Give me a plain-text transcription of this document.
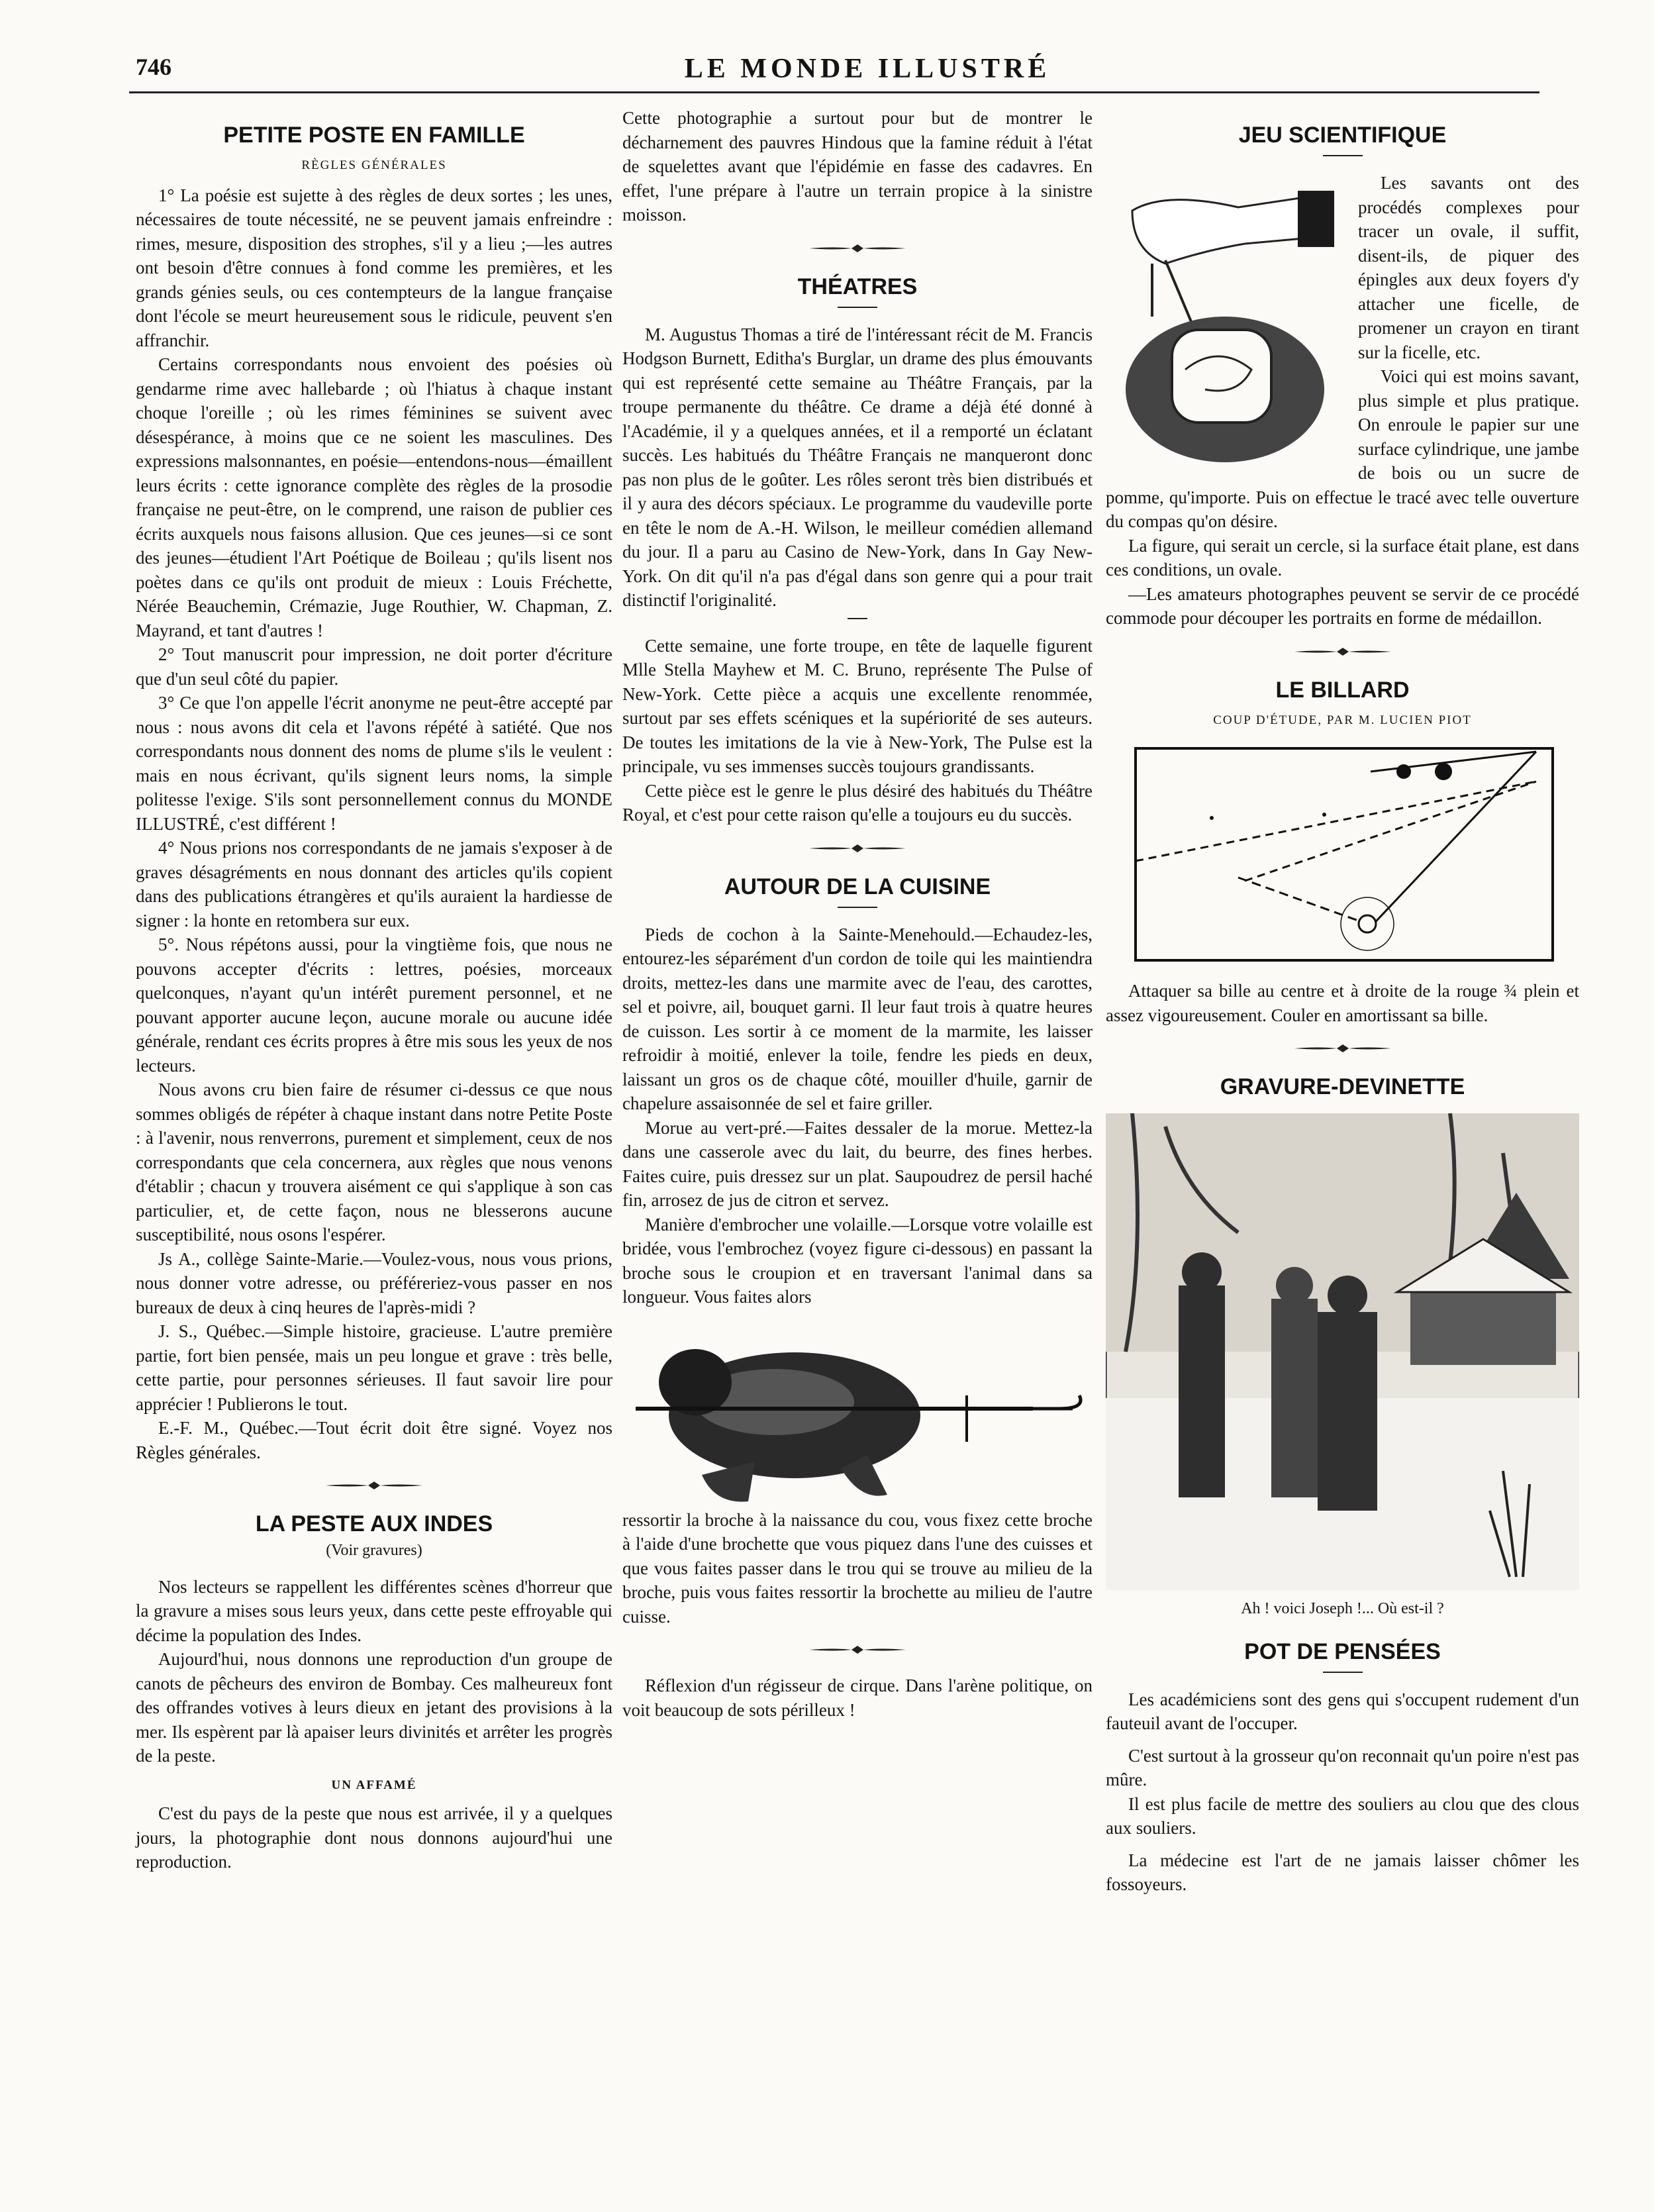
746	LE MONDE ILLUSTRÉ
PETITE POSTE EN FAMILLE
RÈGLES GÉNÉRALES

1° La poésie est sujette à des règles de deux sortes ; les unes, nécessaires de toute nécessité, ne se peuvent jamais enfreindre : rimes, mesure, disposition des strophes, s'il y a lieu ;—les autres ont besoin d'être connues à fond comme les premières, et les grands génies seuls, ou ces contempteurs de la langue française dont l'école se meurt heureusement sous le ridicule, peuvent s'en affranchir.

Certains correspondants nous envoient des poésies où gendarme rime avec hallebarde ; où l'hiatus à chaque instant choque l'oreille ; où les rimes féminines se suivent avec désespérance, à moins que ce ne soient les masculines. Des expressions malsonnantes, en poésie—entendons-nous—émaillent leurs écrits : cette ignorance complète des règles de la prosodie française ne peut-être, on le comprend, une raison de publier ces écrits auxquels nous faisons allusion. Que ces jeunes—si ce sont des jeunes—étudient l'Art Poétique de Boileau ; qu'ils lisent nos poètes dans ce qu'ils ont produit de mieux : Louis Fréchette, Nérée Beauchemin, Crémazie, Juge Routhier, W. Chapman, Z. Mayrand, et tant d'autres !

2° Tout manuscrit pour impression, ne doit porter d'écriture que d'un seul côté du papier.

3° Ce que l'on appelle l'écrit anonyme ne peut-être accepté par nous : nous avons dit cela et l'avons répété à satiété. Que nos correspondants nous donnent des noms de plume s'ils le veulent : mais en nous écrivant, qu'ils signent leurs noms, la simple politesse l'exige. S'ils sont personnellement connus du MONDE ILLUSTRÉ, c'est différent !

4° Nous prions nos correspondants de ne jamais s'exposer à de graves désagréments en nous donnant des articles qu'ils copient dans des publications étrangères et qu'ils auraient la hardiesse de signer : la honte en retombera sur eux.

5°. Nous répétons aussi, pour la vingtième fois, que nous ne pouvons accepter d'écrits : lettres, poésies, morceaux quelconques, n'ayant qu'un intérêt purement personnel, et ne pouvant apporter aucune leçon, aucune morale ou aucune idée générale, rendant ces écrits propres à être mis sous les yeux de nos lecteurs.

Nous avons cru bien faire de résumer ci-dessus ce que nous sommes obligés de répéter à chaque instant dans notre Petite Poste : à l'avenir, nous renverrons, purement et simplement, ceux de nos correspondants que cela concernera, aux règles que nous venons d'établir ; chacun y trouvera aisément ce qui s'applique à son cas particulier, et, de cette façon, nous ne blesserons aucune susceptibilité, nous osons l'espérer.

Js A., collège Sainte-Marie.—Voulez-vous, nous vous prions, nous donner votre adresse, ou préféreriez-vous passer en nos bureaux de deux à cinq heures de l'après-midi ?

J. S., Québec.—Simple histoire, gracieuse. L'autre première partie, fort bien pensée, mais un peu longue et grave : très belle, cette partie, pour personnes sérieuses. Il faut savoir lire pour apprécier ! Publierons le tout.

E.-F. M., Québec.—Tout écrit doit être signé. Voyez nos Règles générales.

LA PESTE AUX INDES
(Voir gravures)

Nos lecteurs se rappellent les différentes scènes d'horreur que la gravure a mises sous leurs yeux, dans cette peste effroyable qui décime la population des Indes.

Aujourd'hui, nous donnons une reproduction d'un groupe de canots de pêcheurs des environ de Bombay. Ces malheureux font des offrandes votives à leurs dieux en jetant des provisions à la mer. Ils espèrent par là apaiser leurs divinités et arrêter les progrès de la peste.

UN AFFAMÉ

C'est du pays de la peste que nous est arrivée, il y a quelques jours, la photographie dont nous donnons aujourd'hui une reproduction.

Cette photographie a surtout pour but de montrer le décharnement des pauvres Hindous que la famine réduit à l'état de squelettes avant que l'épidémie en fasse des cadavres. En effet, l'une prépare à l'autre un terrain propice à la sinistre moisson.

THÉATRES

M. Augustus Thomas a tiré de l'intéressant récit de M. Francis Hodgson Burnett, Editha's Burglar, un drame des plus émouvants qui est représenté cette semaine au Théâtre Français, par la troupe permanente du théâtre. Ce drame a déjà été donné à l'Académie, il y a quelques années, et il a remporté un éclatant succès. Les habitués du Théâtre Français ne manqueront donc pas non plus de le goûter. Les rôles seront très bien distribués et il y aura des décors spéciaux. Le programme du vaudeville porte en tête le nom de A.-H. Wilson, le meilleur comédien allemand du jour. Il a paru au Casino de New-York, dans In Gay New-York. On dit qu'il n'a pas d'égal dans son genre qui a pour trait distinctif l'originalité.

Cette semaine, une forte troupe, en tête de laquelle figurent Mlle Stella Mayhew et M. C. Bruno, représente The Pulse of New-York. Cette pièce a acquis une excellente renommée, surtout par ses effets scéniques et la supériorité de ses auteurs. De toutes les imitations de la vie à New-York, The Pulse est la principale, vu ses immenses succès toujours grandissants.

Cette pièce est le genre le plus désiré des habitués du Théâtre Royal, et c'est pour cette raison qu'elle a toujours eu du succès.

AUTOUR DE LA CUISINE

Pieds de cochon à la Sainte-Menehould.—Echaudez-les, entourez-les séparément d'un cordon de toile qui les maintiendra droits, mettez-les dans une marmite avec de l'eau, des carottes, sel et poivre, ail, bouquet garni. Il leur faut trois à quatre heures de cuisson. Les sortir à ce moment de la marmite, les laisser refroidir à moitié, enlever la toile, fendre les pieds en deux, laissant un gros os de chaque côté, mouiller d'huile, garnir de chapelure assaisonnée de sel et faire griller.

Morue au vert-pré.—Faites dessaler de la morue. Mettez-la dans une casserole avec du lait, du beurre, des fines herbes. Faites cuire, puis dressez sur un plat. Saupoudrez de persil haché fin, arrosez de jus de citron et servez.

Manière d'embrocher une volaille.—Lorsque votre volaille est bridée, vous l'embrochez (voyez figure ci-dessous) en passant la broche sous le croupion et en traversant l'animal dans sa longueur. Vous faites alors

ressortir la broche à la naissance du cou, vous fixez cette broche à l'aide d'une brochette que vous piquez dans l'une des cuisses et que vous faites passer dans le trou qui se trouve au milieu de la broche, puis vous faites ressortir la brochette au milieu de l'autre cuisse.

Réflexion d'un régisseur de cirque. Dans l'arène politique, on voit beaucoup de sots périlleux !

JEU SCIENTIFIQUE

Les savants ont des procédés complexes pour tracer un ovale, il suffit, disent-ils, de piquer des épingles aux deux foyers d'y attacher une ficelle, de promener un crayon en tirant sur la ficelle, etc.

Voici qui est moins savant, plus simple et plus pratique. On enroule le papier sur une surface cylindrique, une jambe de bois ou un sucre de pomme, qu'importe. Puis on effectue le tracé avec telle ouverture du compas qu'on désire.

La figure, qui serait un cercle, si la surface était plane, est dans ces conditions, un ovale.

—Les amateurs photographes peuvent se servir de ce procédé commode pour découper les portraits en forme de médaillon.

LE BILLARD
COUP D'ÉTUDE, PAR M. LUCIEN PIOT

Attaquer sa bille au centre et à droite de la rouge ¾ plein et assez vigoureusement. Couler en amortissant sa bille.

GRAVURE-DEVINETTE
Ah ! voici Joseph !... Où est-il ?
POT DE PENSÉES

Les académiciens sont des gens qui s'occupent rudement d'un fauteuil avant de l'occuper.

C'est surtout à la grosseur qu'on reconnait qu'un poire n'est pas mûre.

Il est plus facile de mettre des souliers au clou que des clous aux souliers.

La médecine est l'art de ne jamais laisser chômer les fossoyeurs.
